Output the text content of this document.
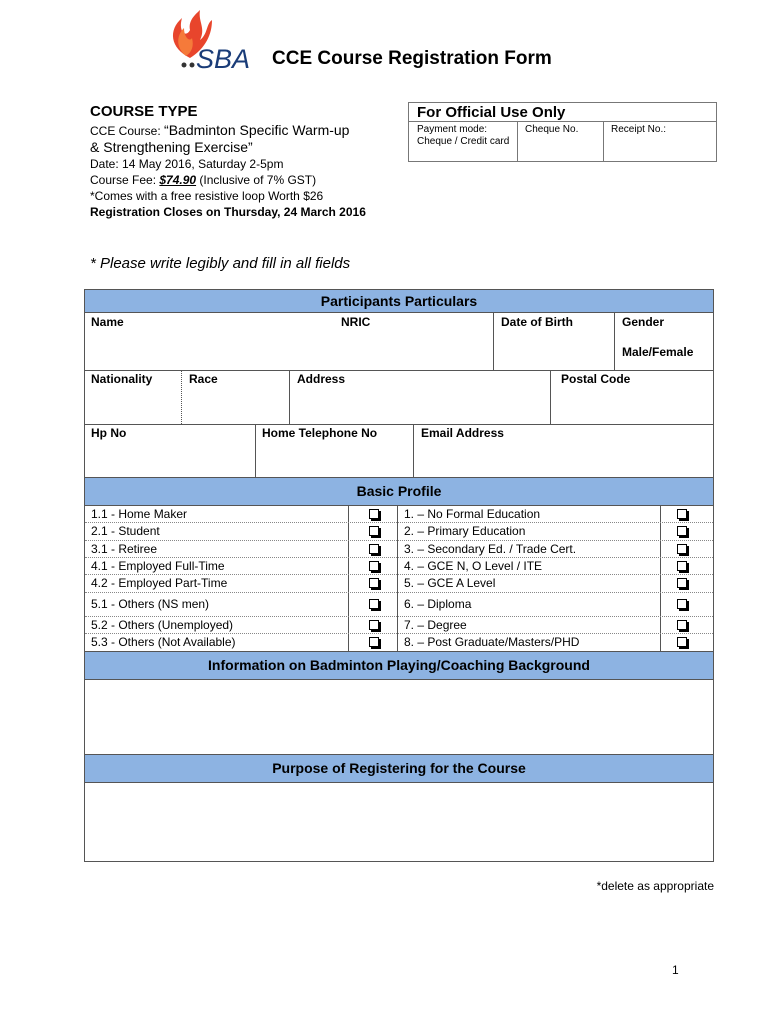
SBA CCE Course Registration Form
COURSE TYPE
CCE Course: “Badminton Specific Warm-up
& Strengthening Exercise”
Date: 14 May 2016, Saturday 2-5pm
Course Fee: $74.90 (Inclusive of 7% GST)
*Comes with a free resistive loop Worth $26
Registration Closes on Thursday, 24 March 2016
For Official Use Only
Payment mode:
Cheque / Credit card
Cheque No.	Receipt No.:
* Please write legibly and fill in all fields
Participants Particulars
Name	NRIC	Date of Birth	Gender
Male/Female
Nationality	Race	Address	Postal Code
Hp No	Home Telephone No	Email Address
Basic Profile
1.1 - Home Maker	1. – No Formal Education
2.1 - Student	2. – Primary Education
3.1 - Retiree	3. – Secondary Ed. / Trade Cert.
4.1 - Employed Full-Time	4. – GCE N, O Level / ITE
4.2 - Employed Part-Time	5. – GCE A Level
5.1 - Others (NS men)	6. – Diploma
5.2 - Others (Unemployed)	7. – Degree
5.3 - Others (Not Available)	8. – Post Graduate/Masters/PHD
Information on Badminton Playing/Coaching Background
Purpose of Registering for the Course
*delete as appropriate
1
